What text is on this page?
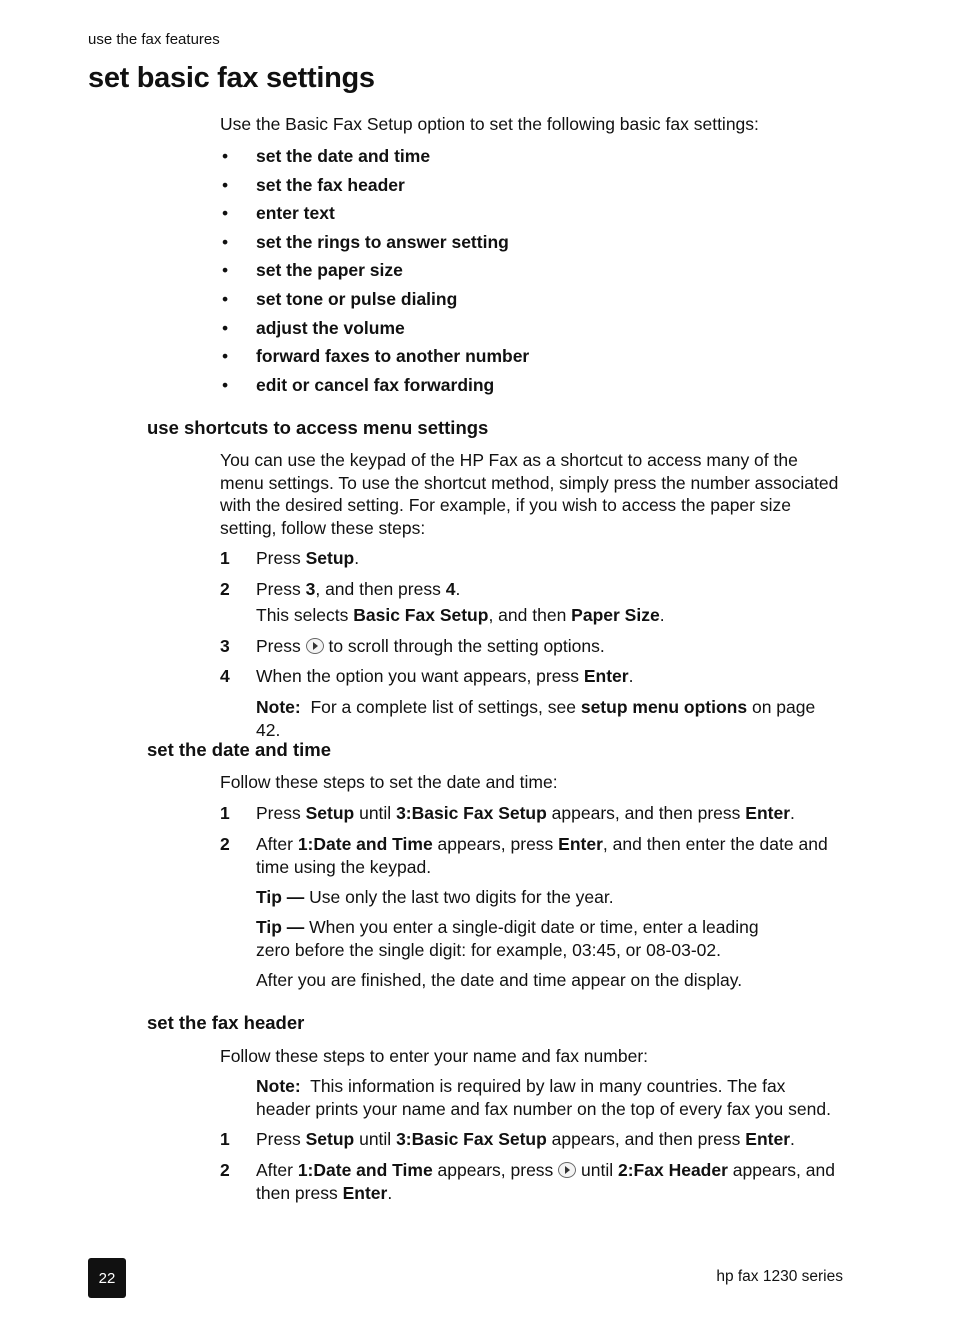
use the fax features
set basic fax settings
Use the Basic Fax Setup option to set the following basic fax settings:
• set the date and time
• set the fax header
• enter text
• set the rings to answer setting
• set the paper size
• set tone or pulse dialing
• adjust the volume
• forward faxes to another number
• edit or cancel fax forwarding
use shortcuts to access menu settings
You can use the keypad of the HP Fax as a shortcut to access many of the menu settings. To use the shortcut method, simply press the number associated with the desired setting. For example, if you wish to access the paper size setting, follow these steps:
1	Press Setup.
2	Press 3, and then press 4.
This selects Basic Fax Setup, and then Paper Size.
3	Press  to scroll through the setting options.
4	When the option you want appears, press Enter.
Note:  For a complete list of settings, see setup menu options on page 42.
set the date and time
Follow these steps to set the date and time:
1	Press Setup until 3:Basic Fax Setup appears, and then press Enter.
2	After 1:Date and Time appears, press Enter, and then enter the date and time using the keypad.
Tip — Use only the last two digits for the year.
Tip — When you enter a single-digit date or time, enter a leading zero before the single digit: for example, 03:45, or 08-03-02.
After you are finished, the date and time appear on the display.
set the fax header
Follow these steps to enter your name and fax number:
Note:  This information is required by law in many countries. The fax header prints your name and fax number on the top of every fax you send.
1	Press Setup until 3:Basic Fax Setup appears, and then press Enter.
2	After 1:Date and Time appears, press  until 2:Fax Header appears, and then press Enter.
22	hp fax 1230 series
